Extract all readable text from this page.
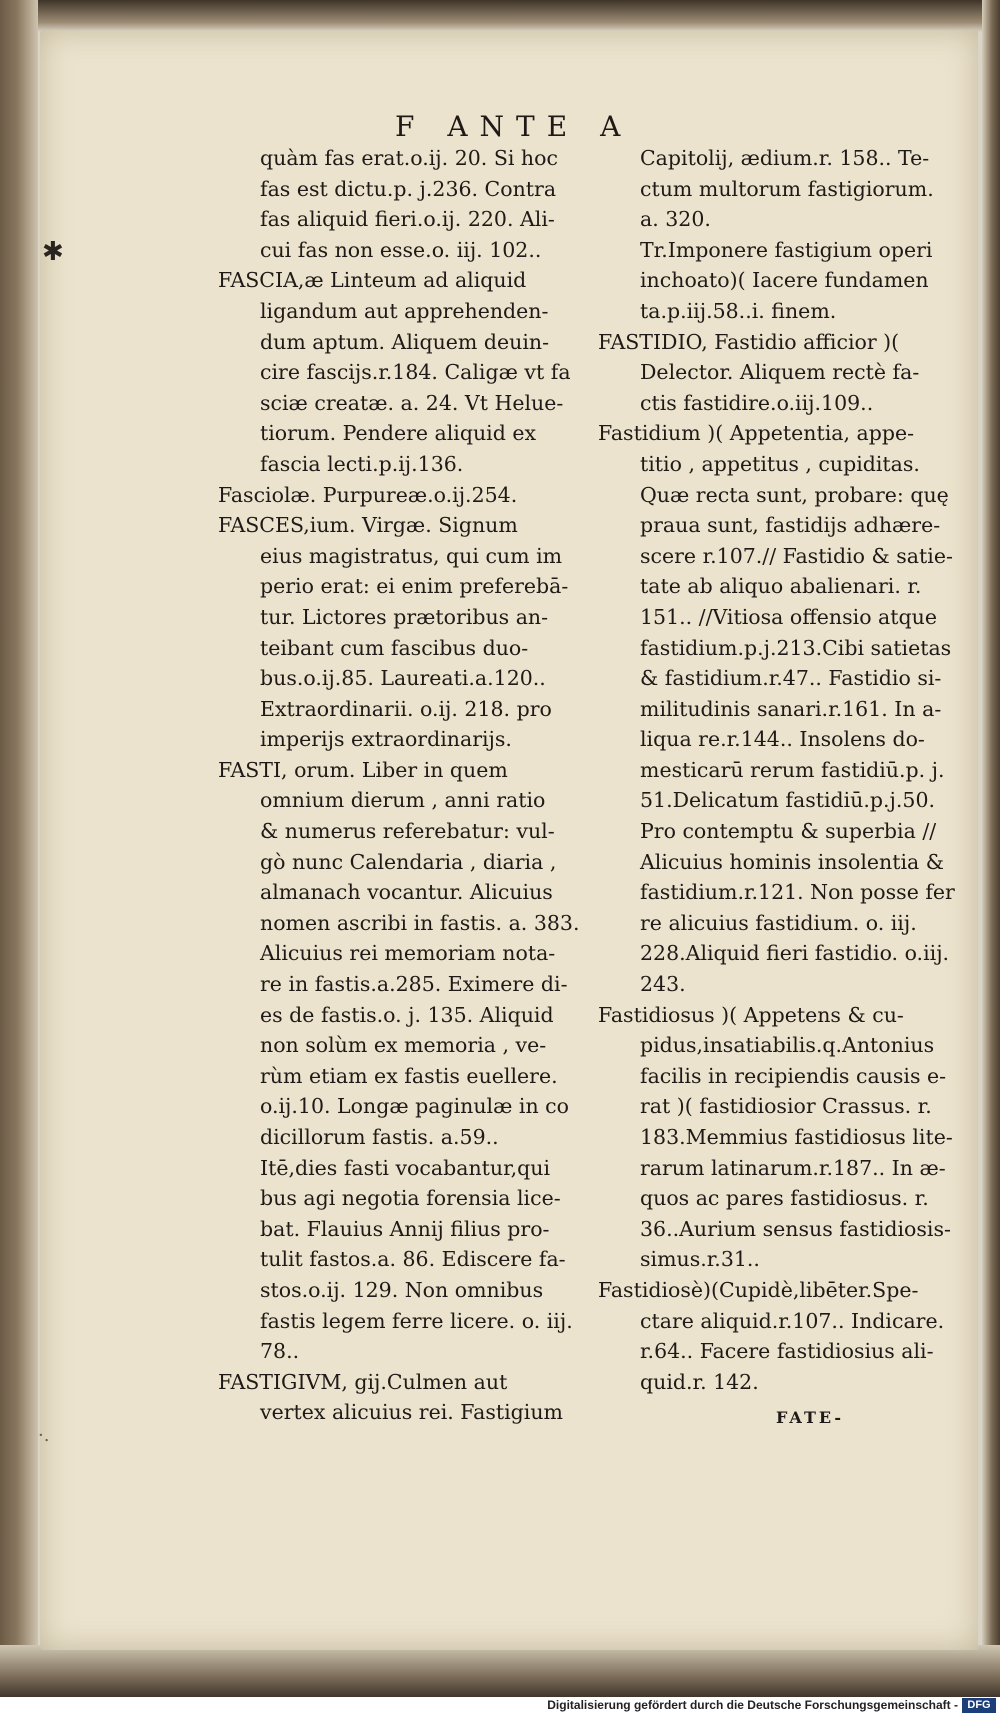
✱
·.
F ANTE A
quàm fas erat.o.ij. 20. Si hoc
fas est dictu.p. j.236. Contra
fas aliquid fieri.o.ij. 220. Ali-
cui fas non esse.o. iij. 102..
FASCIA,æ Linteum ad aliquid
ligandum aut apprehenden-
dum aptum. Aliquem deuin-
cire fascijs.r.184. Caligæ vt fa
sciæ creatæ. a. 24. Vt Helue-
tiorum. Pendere aliquid ex
fascia lecti.p.ij.136.
Fasciolæ. Purpureæ.o.ij.254.
FASCES,ium. Virgæ. Signum
eius magistratus, qui cum im
perio erat: ei enim preferebā-
tur. Lictores prætoribus an-
teibant cum fascibus duo-
bus.o.ij.85. Laureati.a.120..
Extraordinarii. o.ij. 218. pro
imperijs extraordinarijs.
FASTI, orum. Liber in quem
omnium dierum , anni ratio
& numerus referebatur: vul-
gò nunc Calendaria , diaria ,
almanach vocantur. Alicuius
nomen ascribi in fastis. a. 383.
Alicuius rei memoriam nota-
re in fastis.a.285. Eximere di-
es de fastis.o. j. 135. Aliquid
non solùm ex memoria , ve-
rùm etiam ex fastis euellere.
o.ij.10. Longæ paginulæ in co
dicillorum fastis. a.59..
Itē,dies fasti vocabantur,qui
bus agi negotia forensia lice-
bat. Flauius Annij filius pro-
tulit fastos.a. 86. Ediscere fa-
stos.o.ij. 129. Non omnibus
fastis legem ferre licere. o. iij.
78..
FASTIGIVM, gij.Culmen aut
vertex alicuius rei. Fastigium
Capitolij, ædium.r. 158.. Te-
ctum multorum fastigiorum.
a. 320.
Tr.Imponere fastigium operi
inchoato)( Iacere fundamen
ta.p.iij.58..i. finem.
FASTIDIO, Fastidio afficior )(
Delector. Aliquem rectè fa-
ctis fastidire.o.iij.109..
Fastidium )( Appetentia, appe-
titio , appetitus , cupiditas.
Quæ recta sunt, probare: quę
praua sunt, fastidijs adhære-
scere r.107.// Fastidio & satie-
tate ab aliquo abalienari. r.
151.. //Vitiosa offensio atque
fastidium.p.j.213.Cibi satietas
& fastidium.r.47.. Fastidio si-
militudinis sanari.r.161. In a-
liqua re.r.144.. Insolens do-
mesticarū rerum fastidiū.p. j.
51.Delicatum fastidiū.p.j.50.
Pro contemptu & superbia //
Alicuius hominis insolentia &
fastidium.r.121. Non posse fer
re alicuius fastidium. o. iij.
228.Aliquid fieri fastidio. o.iij.
243.
Fastidiosus )( Appetens & cu-
pidus,insatiabilis.q.Antonius
facilis in recipiendis causis e-
rat )( fastidiosior Crassus. r.
183.Memmius fastidiosus lite-
rarum latinarum.r.187.. In æ-
quos ac pares fastidiosus. r.
36..Aurium sensus fastidiosis-
simus.r.31..
Fastidiosè)(Cupidè,libēter.Spe-
ctare aliquid.r.107.. Indicare.
r.64.. Facere fastidiosius ali-
quid.r. 142.
FATE-
Digitalisierung gefördert durch die Deutsche Forschungsgemeinschaft - DFG
